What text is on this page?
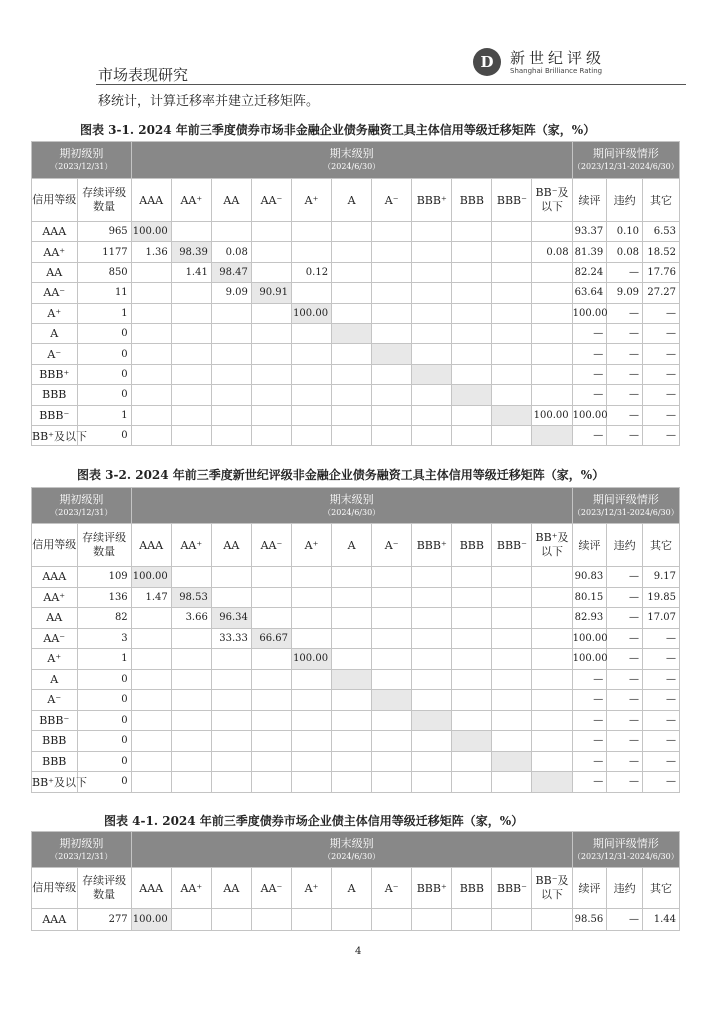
D	新世纪评级
Shanghai Brilliance Rating
市场表现研究
移统计，计算迁移率并建立迁移矩阵。
图表 3-1. 2024 年前三季度债券市场非金融企业债务融资工具主体信用等级迁移矩阵（家，%）
期初级别
（2023/12/31）		期末级别
（2024/6/30）											期间评级情形
（2023/12/31-2024/6/30）		

信用等级	存续评级数量	AAA	AA⁺	AA	AA⁻	A⁺	A	A⁻	BBB⁺	BBB	BBB⁻	BB⁻及以下	续评	违约	其它
AAA	965	100.00											93.37	0.10	6.53
AA⁺	1177	1.36	98.39	0.08								0.08	81.39	0.08	18.52
AA	850		1.41	98.47		0.12							82.24	—	17.76
AA⁻	11			9.09	90.91								63.64	9.09	27.27
A⁺	1					100.00							100.00	—	—
A	0												—	—	—
A⁻	0												—	—	—
BBB⁺	0												—	—	—
BBB	0												—	—	—
BBB⁻	1											100.00	100.00	—	—
BB⁺及以下	0												—	—	—
图表 3-2. 2024 年前三季度新世纪评级非金融企业债务融资工具主体信用等级迁移矩阵（家，%）
期初级别
（2023/12/31）		期末级别
（2024/6/30）											期间评级情形
（2023/12/31-2024/6/30）		

信用等级	存续评级数量	AAA	AA⁺	AA	AA⁻	A⁺	A	A⁻	BBB⁺	BBB	BBB⁻	BB⁺及以下	续评	违约	其它
AAA	109	100.00											90.83	—	9.17
AA⁺	136	1.47	98.53										80.15	—	19.85
AA	82		3.66	96.34									82.93	—	17.07
AA⁻	3			33.33	66.67								100.00	—	—
A⁺	1					100.00							100.00	—	—
A	0												—	—	—
A⁻	0												—	—	—
BBB⁻	0												—	—	—
BBB	0												—	—	—
BBB	0												—	—	—
BB⁺及以下	0												—	—	—
图表 4-1. 2024 年前三季度债券市场企业债主体信用等级迁移矩阵（家，%）
期初级别
（2023/12/31）		期末级别
（2024/6/30）											期间评级情形
（2023/12/31-2024/6/30）		

信用等级	存续评级数量	AAA	AA⁺	AA	AA⁻	A⁺	A	A⁻	BBB⁺	BBB	BBB⁻	BB⁻及以下	续评	违约	其它
AAA	277	100.00											98.56	—	1.44
4
